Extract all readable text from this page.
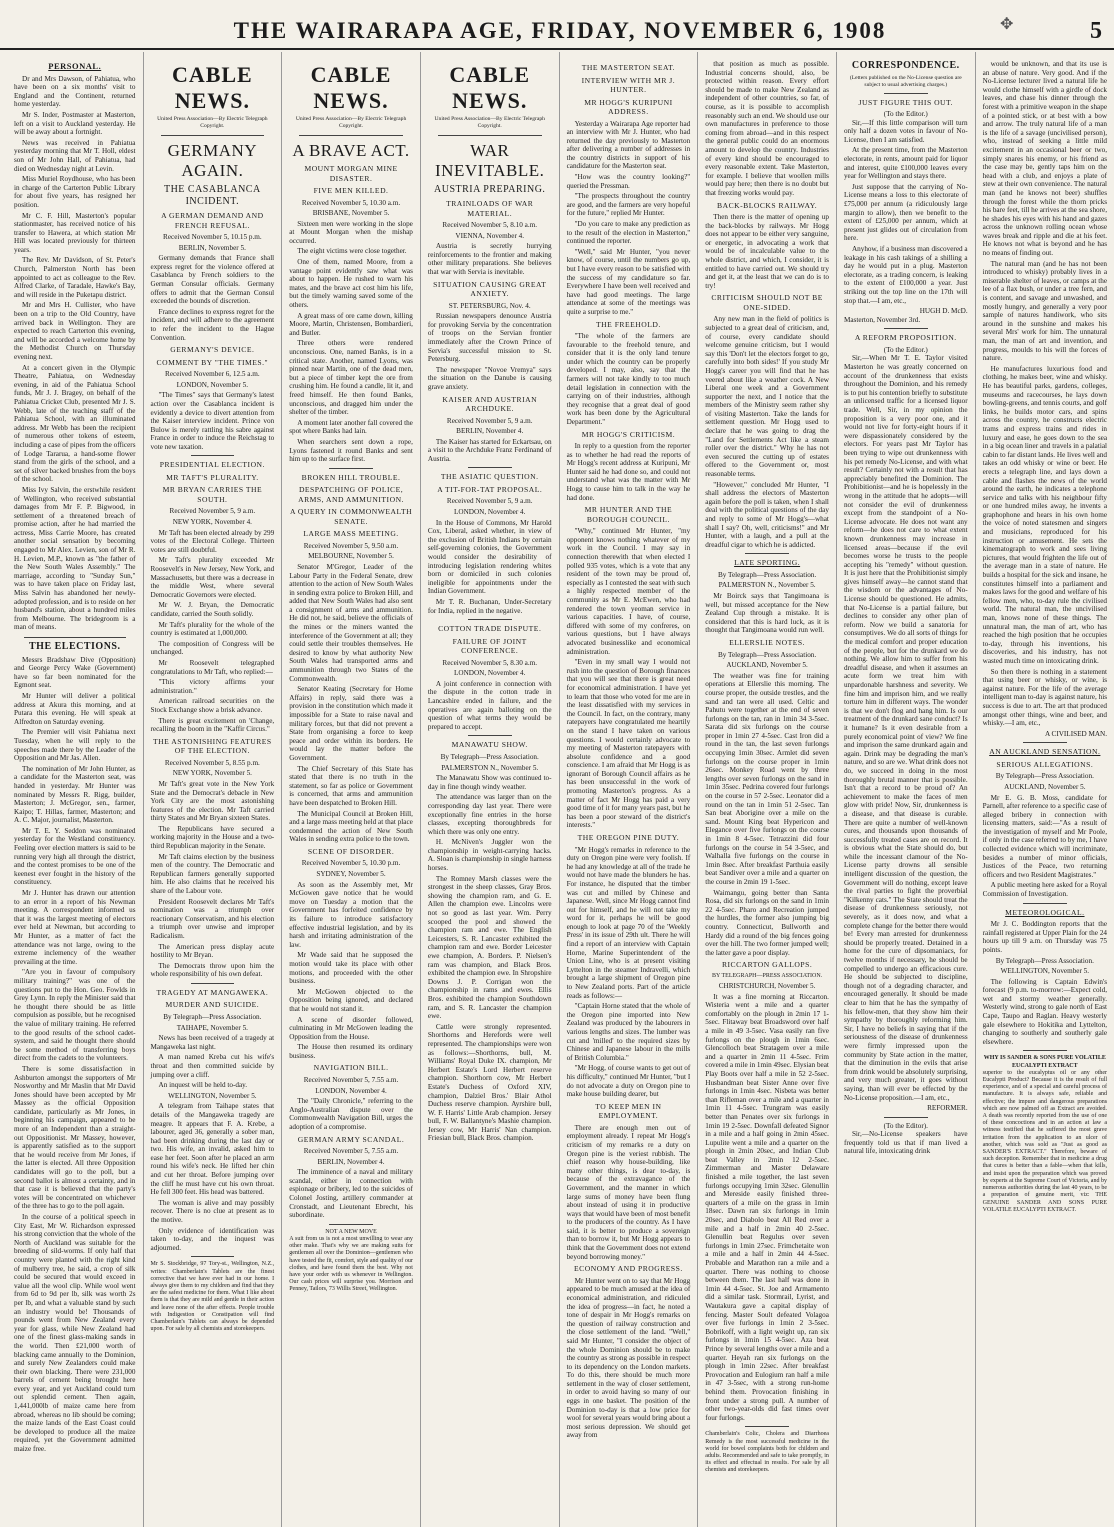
✥
THE WAIRARAPA AGE, FRIDAY, NOVEMBER 6, 1908	5
PERSONAL.

Dr and Mrs Dawson, of Pahiatua, who have been on a six months' visit to England and the Continent, returned home yesterday.

Mr S. Inder, Postmaster at Masterton, left on a visit to Auckland yesterday. He will be away about a fortnight.

News was received in Pahiatua yesterday morning that Mr T. Holl, eldest son of Mr John Hall, of Pahiatua, had died on Wednesday night at Levin.

Miss Muriel Roydhouse, who has been in charge of the Carterton Public Library for about five years, has resigned her position.

Mr C. F. Hill, Masterton's popular stationmaster, has received notice of his transfer to Hawera, at which station Mr Hill was located previously for thirteen years.

The Rev. Mr Davidson, of St. Peter's Church, Palmerston North has been appointed to act as colleague to the Rev. Alfred Clarke, of Taradale, Hawke's Bay, and will reside in the Puketapu district.

Mr and Mrs H. Cullister, who have been on a trip to the Old Country, have arrived back in Wellington. They are expected to reach Carterton this evening, and will be accorded a welcome home by the Methodist Church on Thursday evening next.

At a concert given in the Olympic Theatre, Pahiatua, on Wednesday evening, in aid of the Pahiatua School funds, Mr J. J. Bragey, on behalf of the Pahiatua Cricket Club, presented Mr J. S. Webb, late of the teaching staff of the Pahiatua School, with an illuminated address. Mr Webb has been the recipient of numerous other tokens of esteem, including a case of pipes from the officers of Lodge Tararua, a hand-some flower stand from the girls of the school, and a set of silver backed brushes from the boys of the school.

Miss Ivy Salvin, the erstwhile resident of Wellington, who received substantial damages from Mr F. P. Bigwood, in settlement of a threatened breach of promise action, after he had married the actress, Miss Carrie Moore, has created another social sensation by becoming engaged to Mr Alex. Levien, son of Mr R. H. Levien, M.P., known as "the father of the New South Wales Assembly." The marriage, according to "Sunday Sun," was to have taken place on Friday last, Miss Salvin has abandoned her newly-adopted profession, and is to reside on her husband's station, about a hundred miles from Melbourne. The bridegroom is a man of means.

THE ELECTIONS.

Messrs Bradshaw Dive (Opposition) and George Percy Wake (Government) have so far been nominated for the Egmont seat.

Mr Hunter will deliver a political address at Akura this morning, and at Putara this evening. He will speak at Alfredton on Saturday evening.

The Premier will visit Pahiatua next Tuesday, when he will reply to the speeches made there by the Leader of the Opposition and Mr Jas. Allen.

The nomination of Mr John Hunter, as a candidate for the Masterton seat, was handed in yesterday. Mr Hunter was nominated by Messrs R. Rigg, builder, Masterton; J. McGregor, sen., farmer, Kaipo; T. Hillas, farmer, Masterton; and A. C. Major, journalist, Masterton.

Mr T. E. Y. Seddon was nominated yesterday for the Westland constituency. Feeling over election matters is said to be running very high all through the district, and the contest promises to be one of the keenest ever fought in the history of the constituency.

Mr J. Hunter has drawn our attention to an error in a report of his Newman meeting. A correspondent informed us that it was the largest meeting of electors ever held at Newman, but according to Mr Hunter, as a matter of fact the attendance was not large, owing to the extreme inclemency of the weather prevailing at the time.

"Are you in favour of compulsory military training?" was one of the questions put to the Hon. Geo. Fowlds in Grey Lynn. In reply the Minister said that he thought there should be as little compulsion as possible, but he recognised the value of military training. He referred to the good results of the school cadet-system, and said he thought there should be some method of transferring boys direct from the cadets to the volunteers.

There is some dissatisfaction in Ashburton amongst the supporters of Mr Nosworthy and Mr Maslin that Mr David Jones should have been accepted by Mr Massey as the official Opposition candidate, particularly as Mr Jones, in beginning his campaign, appeared to be more of an Independent than a straight-out Oppositionist. Mr Massey, however, is apparently satisfied as to the support that he would receive from Mr Jones, if the latter is elected. All three Opposition candidates will go to the poll, but a second ballot is almost a certainty, and in that case it is believed that the party's votes will be concentrated on whichever of the three has to go to the poll again.

In the course of a political speech in City East, Mr W. Richardson expressed his strong conviction that the whole of the North of Auckland was suitable for the breeding of sild-worms. If only half that country were planted with the right kind of mulberry tree, he said, a crop of silk could be secured that would exceed in value all the wool clip. While wool went from 6d to 9d per lb, silk was worth 2s per lb, and what a valuable stand by such an industry would be! Thousands of pounds went from New Zealand every year for glass, while New Zealand had one of the finest glass-making sands in the world. Then £21,000 worth of blacking came annually to the Dominion, and surely New Zealanders could make their own blacking. There were 231,000 barrels of cement being brought here every year, and yet Auckland could turn out splendid cement. Then again, 1,441,000lb of maize came here from abroad, whereas no lib should be coming; the maize lands of the East Coast could be developed to produce all the maize required, yet the Government admitted maize free.

CABLE NEWS.
United Press Association—By Electric Telegraph Copyright.
GERMANY AGAIN.
THE CASABLANCA INCIDENT.
A GERMAN DEMAND AND FRENCH REFUSAL.
Received November 5, 10.15 p.m.
BERLIN, November 5.

Germany demands that France shall express regret for the violence offered at Casablanca by French soldiers to the German Consular officials. Germany offers to admit that the German Consul exceeded the bounds of discretion.

France declines to express regret for the incident, and will adhere to the agreement to refer the incident to the Hague Convention.

GERMANY'S DEVICE.
COMMENT BY "THE TIMES."
Received November 6, 12.5 a.m.
LONDON, November 5.

"The Times" says that Germany's latest action over the Casablanca incident is evidently a device to divert attention from the Kaiser interview incident. Prince von Bulow is merely rattling his sabre against France in order to induce the Reichstag to vote new taxation.

PRESIDENTIAL ELECTION.
MR TAFT'S PLURALITY.
MR BRYAN CARRIES THE SOUTH.
Received November 5, 9 a.m.
NEW YORK, November 4.

Mr Taft has been elected already by 299 votes of the Electoral College. Thirteen votes are still doubtful.

Mr Taft's plurality exceeded Mr Roosevelt's in New Jersey, New York, and Massachusetts, but there was a decrease in the middle West, where several Democratic Governors were elected.

Mr W. J. Bryan, the Democratic candidate, carried the South solidly.

Mr Taft's plurality for the whole of the country is estimated at 1,000,000.

The composition of Congress will be unchanged.

Mr Roosevelt telegraphed congratulations to Mr Taft, who replied:—

"This victory affirms your administration."

American railroad securities on the Stock Exchange show a brisk advance.

There is great excitement on 'Change, recalling the boom in the "Kaffir Circus."

THE ASTONISHING FEATURES OF THE ELECTION.
Received November 5, 8.55 p.m.
NEW YORK, November 5.

Mr Taft's great vote in the New York State and the Democrat's debacle in New York City are the most astonishing features of the election. Mr Taft carried thirty States and Mr Bryan sixteen States.

The Republicans have secured a working majority in the House and a two-third Republican majority in the Senate.

Mr Taft claims election by the business men of the country. The Democratic and Republican farmers generally supported him. He also claims that he received his share of the Labour vote.

President Roosevelt declares Mr Taft's nomination was a triumph over reactionary Conservatism, and his election a triumph over unwise and improper Radicalism.

The American press display acute hostility to Mr Bryan.

The Democrats throw upon him the whole responsibility of his own defeat.

TRAGEDY AT MANGAWEKA.
MURDER AND SUICIDE.
By Telegraph—Press Association.
TAIHAPE, November 5.

News has been received of a tragedy at Mangaweka last night.

A man named Kreba cut his wife's throat and then committed suicide by jumping over a cliff.

An inquest will be held to-day.

WELLINGTON, November 5.

A telegram from Taihape states that details of the Mangaweka tragedy are meagre. It appears that F. A. Krebe, a labourer, aged 36, generally a sober man, had been drinking during the last day or two. His wife, an invalid, asked him to ease her feet. Soon after he placed an arm round his wife's neck. He lifted her chin and cut her throat. Before jumping over the cliff he must have cut his own throat. He fell 300 feet. His head was battered.

The woman is alive and may possibly recover. There is no clue at present as to the motive.

Only evidence of identification was taken to-day, and the inquest was adjourned.

Mr S. Stockbridge, 97 Tory-st., Wellington, N.Z., writes: Chamberlain's Tablets are the finest corrective that we have ever had in our home. I always give them to my children and find that they are the safest medicine for them. What I like about them is that they are mild and gentle in their action and leave none of the after effects. People trouble with Indigestion or Constipation will find Chamberlain's Tablets can always be depended upon. For sale by all chemists and storekeepers.

CABLE NEWS.
United Press Association—By Electric Telegraph Copyright.
A BRAVE ACT.
MOUNT MORGAN MINE DISASTER.
FIVE MEN KILLED.
Received November 5, 10.30 a.m.
BRISBANE, November 5.

Sixteen men were working in the slope at Mount Morgan when the mishap occurred.

The eight victims were close together.

One of them, named Moore, from a vantage point evidently saw what was about to happen. He rushed to warn his mates, and the brave act cost him his life, but the timely warning saved some of the others.

A great mass of ore came down, killing Moore, Martin, Christensen, Bombardieri, and Butler.

Three others were rendered unconscious. One, named Banks, is in a critical state. Another, named Lyons, was pinned near Martin, one of the dead men, but a piece of timber kept the ore from crushing him. He found a candle, lit it, and freed himself. He then found Banks, unconscious, and dragged him under the shelter of the timber.

A moment later another fall covered the spot where Banks had lain.

When searchers sent down a rope, Lyons fastened it round Banks and sent him up to the surface first.

BROKEN HILL TROUBLE.
DESPATCHING OF POLICE, ARMS, AND AMMUNITION.
A QUERY IN COMMONWEALTH SENATE.
LARGE MASS MEETING.
Received November 5, 9.50 a.m.
MELBOURNE, November 5.

Senator M'Gregor, Leader of the Labour Party in the Federal Senate, drew attention to the action of New South Wales in sending extra police to Broken Hill, and added that New South Wales had also sent a consignment of arms and ammunition. He did not, he said, believe the officials of the mines or the miners wanted the interference of the Government at all; they could settle their troubles themselves. He desired to know by what authority New South Wales had transported arms and ammunition through two States of the Commonwealth.

Senator Keating (Secretary for Home Affairs) in reply, said there was a provision in the constitution which made it impossible for a State to raise naval and military forces, but that did not prevent a State from organising a force to keep peace and order within its borders. He would lay the matter before the Government.

The Chief Secretary of this State has stated that there is no truth in the statement, so far as police or Government is concerned, that arms and ammunition have been despatched to Broken Hill.

The Municipal Council at Broken Hill, and a large mass meeting held at that place condemned the action of New South Wales in sending extra police to the town.

SCENE OF DISORDER.
Received November 5, 10.30 p.m.
SYDNEY, November 5.

As soon as the Assembly met, Mr McGowen gave notice that he would move on Tuesday a motion that the Government has forfeited confidence by its failure to introduce satisfactory effective industrial legislation, and by its harsh and irritating administration of the law.

Mr Wade said that he supposed the motion would take its place with other motions, and proceeded with the other business.

Mr McGowen objected to the Opposition being ignored, and declared that he would not stand it.

A scene of disorder followed, culminating in Mr McGowen leading the Opposition from the House.

The House then resumed its ordinary business.

NAVIGATION BILL.
Received November 5, 7.55 a.m.
LONDON, November 4.

The "Daily Chronicle," referring to the Anglo-Australian dispute over the Commonwealth Navigation Bill, urges the adoption of a compromise.

GERMAN ARMY SCANDAL.
Received November 5, 7.55 a.m.
BERLIN, November 4.

The imminence of a naval and military scandal, either in connection with espionage or bribery, led to the suicides of Colonel Josting, artillery commander at Cronstadt, and Lieutenant Ebrecht, his subordinate.

NOT A NEW MOVE

A suit from us is not a most unwilling to wear any other make. That's why we are making suits for gentlemen all over the Dominion—gentlemen who have tested the fit, comfort, style and quality of our clothes, and have found them the best. Why not have your order with us whenever in Wellington. Our cash prices will surprise you. Morrison and Penney, Tailors, 73 Willis Street, Wellington.

CABLE NEWS.
United Press Association—By Electric Telegraph Copyright.
WAR INEVITABLE.
AUSTRIA PREPARING.
TRAINLOADS OF WAR MATERIAL.
Received November 5, 8.10 a.m.
VIENNA, November 4.

Austria is secretly hurrying reinforcements to the frontier and making other military preparations. She believes that war with Servia is inevitable.

SITUATION CAUSING GREAT ANXIETY.
ST. PETERSBURG, Nov. 4.

Russian newspapers denounce Austria for provoking Servia by the concentration of troops on the Servian frontier immediately after the Crown Prince of Servia's successful mission to St. Petersburg.

The newspaper "Novoe Vremya" says the situation on the Danube is causing grave anxiety.

KAISER AND AUSTRIAN ARCHDUKE.
Received November 5, 9 a.m.
BERLIN, November 4.

The Kaiser has started for Eckartsau, on a visit to the Archduke Franz Ferdinand of Austria.

THE ASIATIC QUESTION.
A TIT-FOR-TAT PROPOSAL.
Received November 5, 9 a.m.
LONDON, November 4.

In the House of Commons, Mr Harold Cox, Liberal, asked whether, in view of the exclusion of British Indians by certain self-governing colonies, the Government would consider the desirability of introducing legislation rendering whites born or domiciled in such colonies ineligible for appointments under the Indian Government.

Mr T. R. Buchanan, Under-Secretary for India, replied in the negative.

COTTON TRADE DISPUTE.
FAILURE OF JOINT CONFERENCE.
Received November 5, 8.30 a.m.
LONDON, November 4.

A joint conference in connection with the dispute in the cotton trade in Lancashire ended in failure, and the operatives are again balloting on the question of what terms they would be prepared to accept.

MANAWATU SHOW.
By Telegraph—Press Association.
PALMERSTON N., November 5.

The Manawatu Show was continued to-day in fine though windy weather.

The attendance was larger than on the corresponding day last year. There were exceptionally fine entries in the horse classes, excepting thoroughbreds for which there was only one entry.

H. McNiven's Juggler won the championship in weight-carrying hacks. A. Sloan is championship in single harness horses.

The Romney Marsh classes were the strongest in the sheep classes, Gray Bros. showing the champion ram, and G. E. Allen the champion ewe. Lincolns were not so good as last year. Wm. Perry scooped the pool and showed the champion ram and ewe. The English Leicesters, S. R. Lancaster exhibited the champion ram and ewe. Border Leicester ewe champion, A. Borders. P. Nielsen's ram was champion, and Black Bros. exhibited the champion ewe. In Shropshire Downs J. P. Corrigan won the championship in rams and ewes. Ellis Bros. exhibited the champion Southdown ram, and S. R. Lancaster the champion ewe.

Cattle were strongly represented. Shorthorns and Herefords were well represented. The championships were won as follows:—Shorthorns, bull, M. Williams' Royal Duke IX. champion, Mr Herbert Estate's Lord Herbert reserve champion. Shorthorn cow, Mr Herbert Estate's Duchess of Oxford XIV, champion, Dalziel Bros.' Blair Athol Duchess reserve champion. Ayrshire bull, W. F. Harris' Little Arab champion. Jersey bull, F. W. Ballantyne's Mashie champion. Jersey cow, Mr Harris' Nan champion. Friesian bull, Black Bros. champion.

THE MASTERTON SEAT.
INTERVIEW WITH MR J. HUNTER.
MR HOGG'S KURIPUNI ADDRESS.

Yesterday a Wairarapa Age reporter had an interview with Mr J. Hunter, who had returned the day previously to Masterton after delivering a number of addresses in the country districts in support of his candidature for the Masterton seat.

"How was the country looking?" queried the Pressman.

"The prospects throughout the country are good, and the farmers are very hopeful for the future," replied Mr Hunter.

"Do you care to make any prediction as to the result of the election in Masterton," continued the reporter.

"Well," said Mr Hunter, "you never know, of course, until the numbers go up, but I have every reason to be satisfied with the success of my candidature so far. Everywhere I have been well received and have had good meetings. The large attendance at some of the meetings was quite a surprise to me."

THE FREEHOLD.

"The whole of the farmers are favourable to the freehold tenure, and consider that it is the only land tenure under which the country can be properly developed. I may, also, say that the farmers will not take kindly to too much detail legislation in connection with the carrying on of their industries, although they recognise that a great deal of good work has been done by the Agricultural Department."

MR HOGG'S CRITICISM.

In reply to a question from the reporter as to whether he had read the reports of Mr Hogg's recent address at Kuripuni, Mr Hunter said he had done so, and could not understand what was the matter with Mr Hogg to cause him to talk in the way he had done.

MR HUNTER AND THE BOROUGH COUNCIL.

"Why," continued Mr Hunter, "my opponent knows nothing whatever of my work in the Council. I may say in connection therewith that when elected I polled 935 votes, which is a vote that any resident of the town may be proud of, especially as I contested the seat with such a highly respected member of the community as Mr E. McEwen, who had rendered the town yeoman service in various capacities. I have, of course, differed with some of my confreres, on various questions, but I have always advocated businesslike and economical administration.

"Even in my small way I would not rush into the question of Borough finances that you will see that there is great need for economical administration. I have yet to learn that those who voted for me are in the least dissatisfied with my services in the Council. In fact, on the contrary, many ratepayers have congratulated me heartily on the stand I have taken on various questions. I would certainly advocate to my meeting of Masterton ratepayers with absolute confidence and a good conscience. I am afraid that Mr Hogg is as ignorant of Borough Council affairs as he has been unsuccessful in the work of promoting Masterton's progress. As a matter of fact Mr Hogg has paid a very good time of it for many years past, but he has been a poor steward of the district's interests."

THE OREGON PINE DUTY.

"Mr Hogg's remarks in reference to the duty on Oregon pine were very foolish. If he had any knowledge at all of the trade he would not have made the blunders he has. For instance, he disputed that the timber was cut and milled by Chinese and Japanese. Well, since Mr Hogg cannot find out for himself, and he will not take my word for it, perhaps he will be good enough to look at page 70 of the 'Weekly Press' in its issue of 29th ult. There he will find a report of an interview with Captain Horne, Marine Superintendent of the Union Line, who is at present visiting Lyttelton in the steamer Indravelli, which brought a large shipment of Oregon pine to New Zealand ports. Part of the article reads as follows:—

"Captain Horne stated that the whole of the Oregon pine imported into New Zealand was produced by the labourers in various lengths and sizes. The lumber was cut and 'milled' to the required sizes by Chinese and Japanese labour in the mills of British Columbia."

"Mr Hogg, of course wants to get out of his difficulty," continued Mr Hunter, "but I do not advocate a duty on Oregon pine to make house building dearer, but

TO KEEP MEN IN EMPLOYMENT.

There are enough men out of employment already. I repeat Mr Hogg's criticism of my remarks re a duty on Oregon pine is the veriest rubbish. The chief reason why house-building, like many other things, is dear to-day, is because of the extravagance of the Government, and the manner in which large sums of money have been flung about instead of using it in productive ways that would have been of most benefit to the producers of the country. As I have said, it is better to produce a sovereign than to borrow it, but Mr Hogg appears to think that the Government does not extend beyond borrowing money."

ECONOMY AND PROGRESS.

Mr Hunter went on to say that Mr Hogg appeared to be much amused at the idea of economical administration, and ridiculed the idea of progress—in fact, he noted a tone of despair in Mr Hogg's remarks on the question of railway construction and the close settlement of the land. "Well," said Mr Hunter, "I consider the object of the whole Dominion should be to make the country as strong as possible in respect to its dependency on the London markets. To do this, there should be much more settlement in the way of closer settlement, in order to avoid having so many of our eggs in one basket. The position of the Dominion to-day is that a low price for wool for several years would bring about a most serious depression. We should get away from

that position as much as possible. Industrial concerns should, also, be protected within reason. Every effort should be made to make New Zealand as independent of other countries, so far, of course, as it is possible to accomplish reasonably such an end. We should use our own manufactures in preference to those coming from abroad—and in this respect the general public could do an enormous amount to develop the country. Industries of every kind should be encouraged to every reasonable extent. Take Masterton, for example. I believe that woollen mills would pay here; then there is no doubt but that freezing works would pay.

BACK-BLOCKS RAILWAY.

Then there is the matter of opening up the back-blocks by railways. Mr Hogg does not appear to be either very sanguine, or energetic, in advocating a work that would be of incalculable value to the whole district, and which, I consider, it is entitled to have carried out. We should try and get it, at the least that we can do is to try!

CRITICISM SHOULD NOT BE ONE-SIDED.

Any new man in the field of politics is subjected to a great deal of criticism, and, of course, every candidate should welcome genuine criticism, but I would say this 'Don't let the electors forget to go, carefully into both sides!' If you study Mr Hogg's career you will find that he has veered about like a weather cock. A New Liberal one week and a Government supporter the next, and I notice that the members of the Ministry seem rather shy of visiting Masterton. Take the lands for settlement question. Mr Hogg used to declare that he was going to drag the "Land for Settlements Act like a steam roller over the district." Why he has not even secured the cutting up of estates offered to the Government or, most reasonable terms.

"However," concluded Mr Hunter, "I shall address the electors of Masterton again before the poll is taken, when I shall deal with the political questions of the day and reply to some of Mr Hogg's—what shall I say? Oh, well, criticisms!" and Mr Hunter, with a laugh, and a pull at the dreadful cigar to which he is addicted.

LATE SPORTING.
By Telegraph—Press Association.
PALMERSTON N., November 5.

Mr Boirck says that Tangimoana is well, but missed acceptance for the New Zealand Cup through a mistake. It is considered that this is hard luck, as it is thought that Tangimoana would run well.

ELLERSLIE NOTES.
By Telegraph—Press Association.
AUCKLAND, November 5.

The weather was fine for training operations at Ellerslie this morning. The course proper, the outside trestles, and the sand and tan were all used. Celtic and Pahutu were together at the end of seven furlongs on the tan, ran in 1min 34 3-5sec. Sarata did six furlongs on the course proper in 1min 27 4-5sec. Cast Iron did a round in the tan, the last seven furlongs occupying 1min 30sec. Armlet did seven furlongs on the course proper in 1min 26sec. Monkey Road went by three lengths over seven furlongs on the sand in 1min 35sec. Pedrina covered four furlongs on the course in 57 2-5sec. Leonator did a round on the tan in 1min 51 2-5sec. Tan San beat Aborigine over a mile on the sand. Mount King beat Hypericon and Elegance over five furlongs on the course in 1min 8 4-5sec. Tetrazzini did four furlongs on the course in 54 3-5sec, and Walhalla five furlongs on the course in 1min 8sec. After breakfast Parthuia easily beat Sandiver over a mile and a quarter on the course in 2min 19 1-5sec.

Waimangu, going better than Santa Rosa, did six furlongs on the sand in 1min 22 4-5sec. Pharo and Recreation jumped the hurdles, the former also jumping big country. Connecticut, Bullworth and Hardy did a round of the big fences going over the hill. The two former jumped well; the latter gave a poor display.

RICCARTON GALLOPS.
BY TELEGRAPH—PRESS ASSOCIATION.
CHRISTCHURCH, November 5.

It was a fine morning at Riccarton. Wisteria went a mile and a quarter comfortably on the plough in 2min 17 1-5sec. Flitaway beat Broadsword over half a mile in 49 3-5sec. Vasa easily ran five furlongs on the plough in 1min 6sec. Glencolloch beat Stratagem over a mile and a quarter in 2min 11 4-5sec. Frim covered a mile in 1min 49sec. Elysian beat Play Boots over half a mile in 52 2-5sec. Husbandman beat Sister Anne over five furlongs in 1min 4sec. Nisbeta was better than Rifleman over a mile and a quarter in 1min 11 4-5sec. Trungram was easily better than Penates over six furlongs in 1min 19 2-5sec. Downfall defeated Signor in a mile and a half going in 2min 45sec. Lupulite went a mile and a quarter on the plough in 2min 20sec, and Indian Club beat Valley in 2min 12 2-5sec. Zimmerman and Master Delaware finished a mile together, the last seven furlongs occupying 1min 32sec. Glenullin and Mereside easily finished three-quarters of a mile on the grass in 1min 18sec. Dawn ran six furlongs in 1min 20sec, and Diabolo beat All Red over a mile and a half in 2min 40 2-5sec. Glenullin beat Regulus over seven furlongs in 1min 27sec. Frimchetaite won a mile and a half in 2min 44 4-5sec. Probable and Marathon ran a mile and a quarter. There was nothing to choose between them. The last half was done in 1min 44 4-5sec. St. Joe and Armamento did a similar task. Stormrail, Lyrist, and Wautakura gave a capital display of fencing. Master Soult defeated Volagoa over five furlongs in 1min 2 3-5sec. Bobrikoff, with a light weight up, ran six furlongs in 1min 15 4-5sec. Aza beat Prince by several lengths over a mile and a quarter. Heyah ran six furlongs on the plough in 1min 22sec. After breakfast Provocation and Eulogium ran half a mile in 47 3-5sec, with a strong run-home behind them. Provocation finishing in front under a strong pull. A number of other two-year-olds did fast times over four furlongs.

Chamberlain's Colic, Cholera and Diarrhoea Remedy is the most successful medicine in the world for bowel complaints both for children and adults. Recommended and safe to take promptly, in its effect and effectual in results. For sale by all chemists and storekeepers.

CORRESPONDENCE.
(Letters published on the No-License question are subject to usual advertising charges.)
JUST FIGURE THIS OUT.
(To the Editor.)

Sir,—If this little comparison will turn only half a dozen votes in favour of No-License, then I am satisfied.

At the present time, from the Masterton electorate, in rents, amount paid for liquor and interest, quite £100,000 leaves every year for Wellington and stays there.

Just suppose that the carrying of No-License means a loss to this electorate of £75,000 per annum (a ridiculously large margin to allow), then we benefit to the extent of £25,000 per annum, which at present just glides out of circulation from here.

Anyhow, if a business man discovered a leakage in his cash takings of a shilling a day he would put in a plug. Masterton electorate, as a trading concern, is leaking to the extent of £100,000 a year. Just striking out the top line on the 17th will stop that.—I am, etc.,

HUGH D. McD.
Masterton, November 3rd.
A REFORM PROPOSITION.
(To the Editor.)

Sir,—When Mr T. E. Taylor visited Masterton he was greatly concerned on account of the drunkenness that exists throughout the Dominion, and his remedy is to put his contention briefly to substitute an unlicensed traffic for a licensed liquor trade. Well, Sir, in my opinion the proposition is a very poor one, and it would not live for forty-eight hours if it were dispassionately considered by the electors. For years past Mr Taylor has been trying to wipe out drunkenness with his pet remedy No-License, and with what result? Certainly not with a result that has appreciably benefited the Dominion. The Prohibitionist—and he is hopelessly in the wrong in the attitude that he adopts—will not consider the evil of drunkenness except from the standpoint of a No-License advocate. He does not want any reform—he does not care to what extent known drunkenness may increase in licensed areas—because if the evil becomes worse he trusts to the people accepting his "remedy" without question. It is just here that the Prohibitionist simply gives himself away—he cannot stand that the wisdom or the advantages of No-License should be questioned. He admits, that No-License is a partial failure, but declines to consider any other plan of reform. Now we build a sanatoria for consumptives. We do all sorts of things for the medical comfort and proper education of the people, but for the drunkard we do nothing. We allow him to suffer from his dreadful disease, and when it assumes an acute form we treat him with unpardonable harshness and severity. We fine him and imprison him, and we really torture him in different ways. The wonder is that we don't flog and hang him. Is our treatment of the drunkard sane conduct? Is it humane? Is it even desirable from a purely economical point of view? We fine and imprison the same drunkard again and again. Drink may be degrading the man's nature, and so are we. What drink does not do, we succeed in doing in the most thoroughly brutal manner that is possible. Isn't that a record to be proud of? An achievement to make the faces of men glow with pride! Now, Sir, drunkenness is a disease, and that disease is curable. There are quite a number of well-known cures, and thousands upon thousands of successfully treated cases are on record. It is obvious what the State should do, but while the incessant clamour of the No-License party drowns all sensible intelligent discussion of the question, the Government will do nothing, except leave the rival parties to fight the proverbial "Kilkenny cats." The State should treat the disease of drunkenness seriously, not severely, as it does now, and what a complete change for the better there would be! Every man arrested for drunkenness should be properly treated. Detained in a home for the cure of dipsomaniacs, for twelve months if necessary, he should be compelled to undergo an efficacious cure. He should be subjected to discipline, though not of a degrading character, and encouraged generally. It should be made clear to him that he has the sympathy of his fellow-men, that they show him their sympathy by thoroughly reforming him. Sir, I have no beliefs in saying that if the seriousness of the disease of drunkenness were firmly impressed upon the community by State action in the matter, that the diminution in the evils that arise from drink would be absolutely surprising, and very much greater, it goes without saying, than will ever be effected by the No-License proposition.—I am, etc.,

REFORMER.
(To the Editor).

Sir,—No-License speakers have frequently told us that if man lived a natural life, intoxicating drink

would be unknown, and that its use is an abuse of nature. Very good. And if the No-License lecturer lived a natural life he would clothe himself with a girdle of dock leaves, and chase his dinner through the forest with a primitive weapon in the shape of a pointed stick, or at best with a bow and arrow. The truly natural life of a man is the life of a savage (uncivilised person), who, instead of seeking a little mild excitement in an occasional beer or two, simply snares his enemy, or his friend as the case may be, gently taps him on the head with a club, and enjoys a plate of stew at their own convenience. The natural man (and he knows not beer) shuffles through the forest while the thorn pricks his bare feet, till he arrives at the sea shore, he shades his eyes with his hand and gazes across the unknown rolling ocean whose waves break and ripple and die at his feet. He knows not what is beyond and he has no means of finding out.

The natural man (and he has not been introduced to whisky) probably lives in a miserable shelter of leaves, or camps at the lee of a flax bush, or under a tree fern, and is content, and savage and unwashed, and mostly hungry, and generally a very poor sample of natures handiwork, who sits around in the sunshine and makes his several Mrs' work for him. The unnatural man, the man of art and invention, and progress, moulds to his will the forces of nature.

He manufactures luxurious food and clothing, he makes beer, wine and whisky. He has beautiful parks, gardens, colleges, museums and racecourses, he lays down bowling-greens, and tennis courts, and golf links, he builds motor cars, and spins across the country, he constructs electric trams and express trains and rides in luxury and ease, he goes down to the sea in a big ocean liner and travels in a palatial cabin to far distant lands. He lives well and takes an odd whisky or wine or beer. He erects a telegraph line, and lays down a cable and flashes the news of the world around the earth, he indicates a telephone service and talks with his neighbour fifty or one hundred miles away, he invents a graphophone and hears in his own home the voice of noted statesmen and singers and musicians, reproduced for his instruction or amusement. He sets the kinematograph to work and sees living pictures, that would frighten the life out of the average man in a state of nature. He builds a hospital for the sick and insane, he constitutes himself into a parliament and makes laws for the good and welfare of his fellow men, who, to-day rule the civilised world. The natural man, the uncivilised man, knows none of these things. The unnatural man, the man of art, who has reached the high position that he occupies to-day, through his inventions, his discoveries, and his industry, has not wasted much time on intoxicating drink.

So then there is nothing in a statement that using beer or whisky, or wine, is against nature. For the life of the average intelligent man to-day is against nature, his success is due to art. The art that produced amongst other things, wine and beer, and whisky.—I am, etc.,

A CIVILISED MAN.
AN AUCKLAND SENSATION.
SERIOUS ALLEGATIONS.
By Telegraph—Press Association.
AUCKLAND, November 5.

Mr E. G. B. Moss, candidate for Parnell, after reference to a specific case of alleged bribery in connection with licensing matters, said:—"As a result of the investigation of myself and Mr Poole, if only in the case referred to by me, I have collected evidence which will incriminate, besides a number of minor officials, Justices of the Peace, two returning officers and two Resident Magistrates."

A public meeting here asked for a Royal Commission of Investigation.

METEOROLOGICAL.

Mr J. C. Boddington reports that the rainfall registered at Upper Plain for the 24 hours up till 9 a.m. on Thursday was 75 points.

By Telegraph—Press Association.
WELLINGTON, November 5.

The following is Captain Edwin's forecast (9 p.m. to-morrow:—Expect cold, wet and stormy weather generally. Westerly wind, strong to gale north of East Cape, Taupo and Raglan. Heavy westerly gale elsewhere to Hokitika and Lyttelton, changing to southerly and southerly gale elsewhere.

WHY IS SANDER & SONS PURE VOLATILE EUCALYPTI EXTRACT

superior to the eucalyptus oil or any other Eucalypti Product? Because it is the result of full experience, and of a special and careful process of manufacture. It is always safe, reliable and effective; the impure and dangerous preparations which are now palmed off as Extract are avoided. A death was recently reported from the use of one of these concoctions and in an action at law a witness testified that he suffered the most grave irritation from the application to an ulcer of another, which was sold as "Just as good as SANDER'S EXTRACT." Therefore, beware of such deception. Remember that in medicine a drug that cures is better than a fable—when that kills, and insist upon the preparation which was proved by experts at the Supreme Court of Victoria, and by numerous authorities during the last 40 years, to be a preparation of genuine merit, viz: THE GENUINE SANDER AND SONS PURE VOLATILE EUCALYPTI EXTRACT.
